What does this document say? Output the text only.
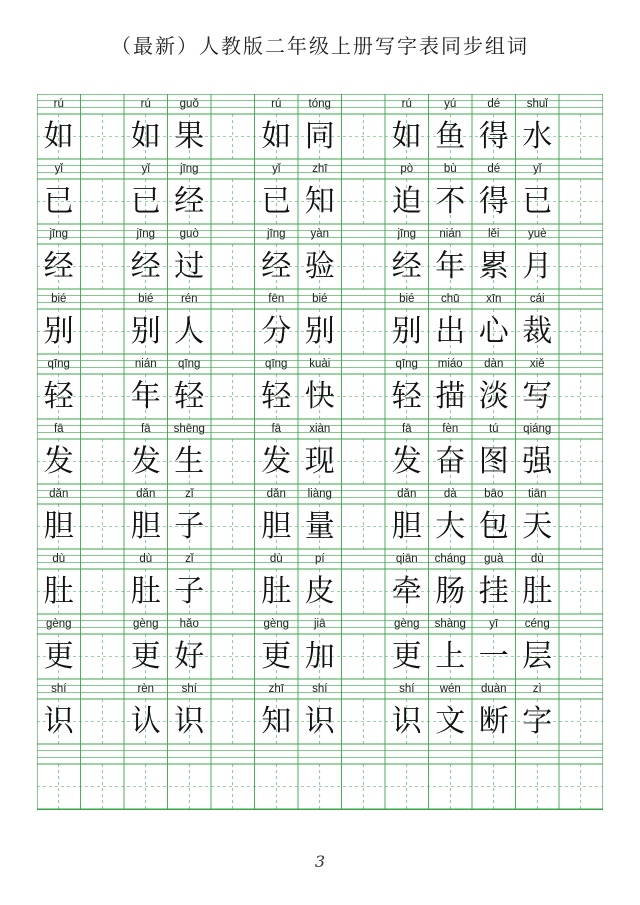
（最新）人教版二年级上册写字表同步组词
rú
如
rú
如
guǒ
果
rú
如
tóng
同
rú
如
yú
鱼
dé
得
shuǐ
水
yǐ
已
yǐ
已
jīng
经
yǐ
已
zhī
知
pò
迫
bù
不
dé
得
yǐ
已
jīng
经
jīng
经
guò
过
jīng
经
yàn
验
jīng
经
nián
年
lěi
累
yuè
月
bié
别
bié
别
rén
人
fēn
分
bié
别
bié
别
chū
出
xīn
心
cái
裁
qīng
轻
nián
年
qīng
轻
qīng
轻
kuài
快
qīng
轻
miáo
描
dàn
淡
xiě
写
fā
发
fā
发
shēng
生
fā
发
xiàn
现
fā
发
fèn
奋
tú
图
qiáng
强
dǎn
胆
dǎn
胆
zǐ
子
dǎn
胆
liàng
量
dǎn
胆
dà
大
bāo
包
tiān
天
dù
肚
dù
肚
zǐ
子
dù
肚
pí
皮
qiān
牵
cháng
肠
guà
挂
dù
肚
gèng
更
gèng
更
hǎo
好
gèng
更
jiā
加
gèng
更
shàng
上
yī
一
céng
层
shí
识
rèn
认
shí
识
zhī
知
shí
识
shí
识
wén
文
duàn
断
zì
字
3
